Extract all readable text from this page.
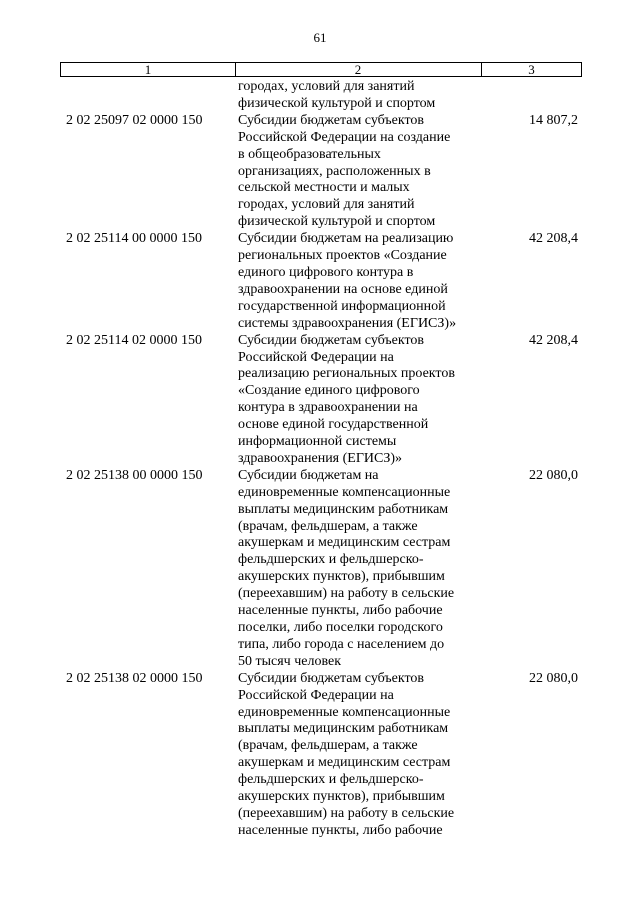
61
1	2	3
городах, условий для занятий
физической культурой и спортом
2 02 25097 02 0000 150	Субсидии бюджетам субъектов
Российской Федерации на создание
в общеобразовательных
организациях, расположенных в
сельской местности и малых
городах, условий для занятий
физической культурой и спортом
14 807,2
2 02 25114 00 0000 150	Субсидии бюджетам на реализацию
региональных проектов «Создание
единого цифрового контура в
здравоохранении на основе единой
государственной информационной
системы здравоохранения (ЕГИСЗ)»
42 208,4
2 02 25114 02 0000 150	Субсидии бюджетам субъектов
Российской Федерации на
реализацию региональных проектов
«Создание единого цифрового
контура в здравоохранении на
основе единой государственной
информационной системы
здравоохранения (ЕГИСЗ)»
42 208,4
2 02 25138 00 0000 150	Субсидии бюджетам на
единовременные компенсационные
выплаты медицинским работникам
(врачам, фельдшерам, а также
акушеркам и медицинским сестрам
фельдшерских и фельдшерско-
акушерских пунктов), прибывшим
(переехавшим) на работу в сельские
населенные пункты, либо рабочие
поселки, либо поселки городского
типа, либо города с населением до
50 тысяч человек
22 080,0
2 02 25138 02 0000 150	Субсидии бюджетам субъектов
Российской Федерации на
единовременные компенсационные
выплаты медицинским работникам
(врачам, фельдшерам, а также
акушеркам и медицинским сестрам
фельдшерских и фельдшерско-
акушерских пунктов), прибывшим
(переехавшим) на работу в сельские
населенные пункты, либо рабочие
22 080,0
